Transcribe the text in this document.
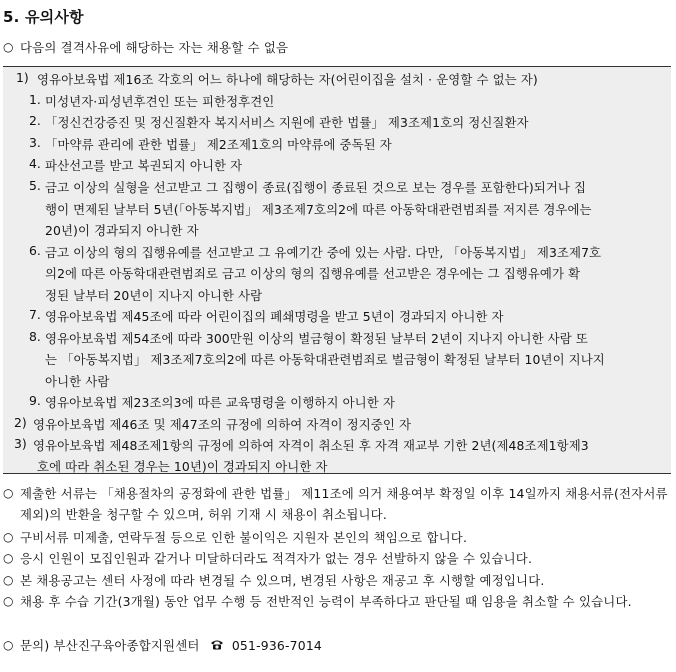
5. 유의사항
○ 다음의 결격사유에 해당하는 자는 채용할 수 없음
1) 영유아보육법 제16조 각호의 어느 하나에 해당하는 자(어린이집을 설치 · 운영할 수 없는 자)
1. 미성년자·피성년후견인 또는 피한정후견인
2. 「정신건강증진 및 정신질환자 복지서비스 지원에 관한 법률」 제3조제1호의 정신질환자
3. 「마약류 관리에 관한 법률」 제2조제1호의 마약류에 중독된 자
4. 파산선고를 받고 복권되지 아니한 자
5. 금고 이상의 실형을 선고받고 그 집행이 종료(집행이 종료된 것으로 보는 경우를 포함한다)되거나 집
행이 면제된 날부터 5년(「아동복지법」 제3조제7호의2에 따른 아동학대관련범죄를 저지른 경우에는
20년)이 경과되지 아니한 자
6. 금고 이상의 형의 집행유예를 선고받고 그 유예기간 중에 있는 사람. 다만, 「아동복지법」 제3조제7호
의2에 따른 아동학대관련범죄로 금고 이상의 형의 집행유예를 선고받은 경우에는 그 집행유예가 확
정된 날부터 20년이 지나지 아니한 사람
7. 영유아보육법 제45조에 따라 어린이집의 폐쇄명령을 받고 5년이 경과되지 아니한 자
8. 영유아보육법 제54조에 따라 300만원 이상의 벌금형이 확정된 날부터 2년이 지나지 아니한 사람 또
는 「아동복지법」 제3조제7호의2에 따른 아동학대관련범죄로 벌금형이 확정된 날부터 10년이 지나지
아니한 사람
9. 영유아보육법 제23조의3에 따른 교육명령을 이행하지 아니한 자
2) 영유아보육법 제46조 및 제47조의 규정에 의하여 자격이 정지중인 자
3) 영유아보육법 제48조제1항의 규정에 의하여 자격이 취소된 후 자격 재교부 기한 2년(제48조제1항제3
호에 따라 취소된 경우는 10년)이 경과되지 아니한 자
○ 제출한 서류는 「채용절차의 공정화에 관한 법률」 제11조에 의거 채용여부 확정일 이후 14일까지 채용서류(전자서류 제외)의 반환을 청구할 수 있으며, 허위 기재 시 채용이 취소됩니다.
○ 구비서류 미제출, 연락두절 등으로 인한 불이익은 지원자 본인의 책임으로 합니다.
○ 응시 인원이 모집인원과 같거나 미달하더라도 적격자가 없는 경우 선발하지 않을 수 있습니다.
○ 본 채용공고는 센터 사정에 따라 변경될 수 있으며, 변경된 사항은 재공고 후 시행할 예정입니다.
○ 채용 후 수습 기간(3개월) 동안 업무 수행 등 전반적인 능력이 부족하다고 판단될 때 임용을 취소할 수 있습니다.
○ 문의) 부산진구육아종합지원센터	051-936-7014
